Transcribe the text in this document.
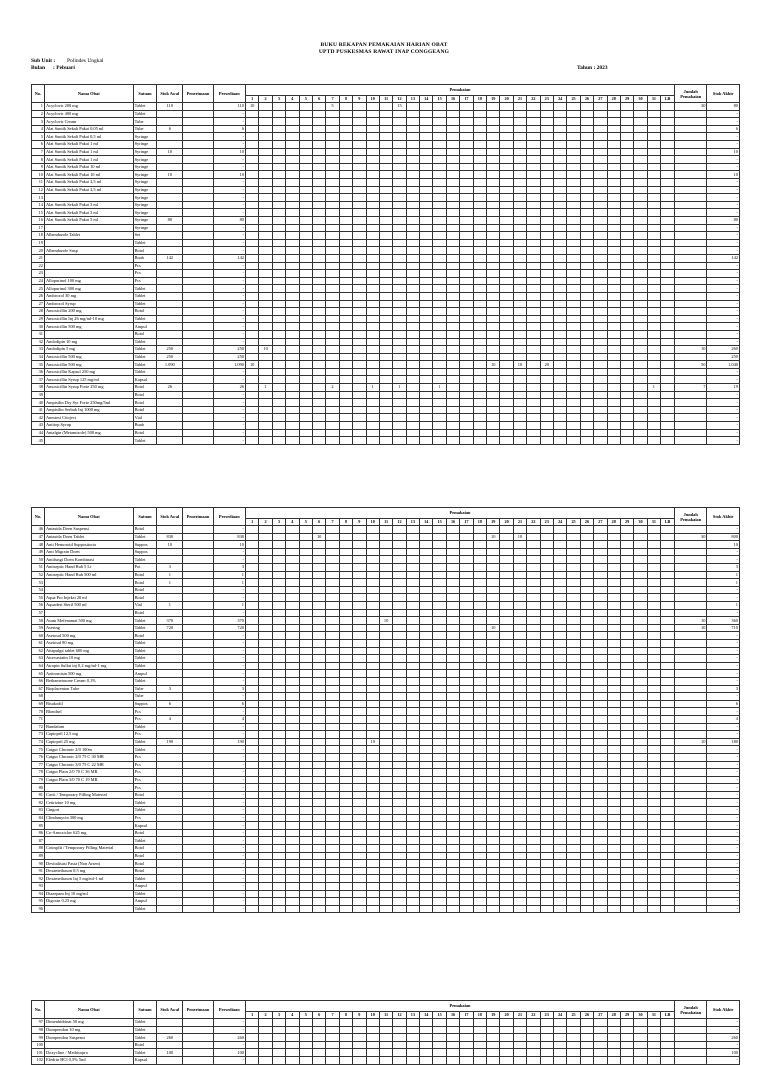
BUKU REKAPAN PEMAKAIAN HARIAN OBAT
UPTD PUSKESMAS RAWAT INAP CONGGEANG
Sub Unit : Polindes Ungkal
Bulan : Pebuari	Tahun : 2023
No.	Nama Obat	Satuan	Stok Awal	Penerimaan	Persediaan	Pemakaian																																Jumlah Pemakaian	Stok Akhir
						1	2	3	4	5	6	7	8	9	10	11	12	13	14	15	16	17	18	19	20	21	22	23	24	25	26	27	28	29	30	31	LB		
1	Acyclovir 200 mg	Tablet	110		110	10						5					15																					30	80
2	Acyclovir 400 mg	Tablet			-																																		-
3	Acyclovir Cream	Tube			-																																		-
4	Alat Suntik Sekali Pakai 0,05 ml	Tube	6		6																																		6
5	Alat Suntik Sekali Pakai 0,5 ml	Syringe			-																																		-
6	Alat Suntik Sekali Pakai 1 ml	Syringe			-																																		-
7	Alat Suntik Sekali Pakai 1 ml	Syringe	10		10																																		10
8	Alat Suntik Sekali Pakai 1 ml	Syringe			-																																		-
9	Alat Suntik Sekali Pakai 10 ml	Syringe			-																																		-
10	Alat Suntik Sekali Pakai 10 ml	Syringe	10		10																																		10
11	Alat Suntik Sekali Pakai 2,5 ml	Syringe			-																																		-
12	Alat Suntik Sekali Pakai 2,5 ml	Syringe			-																																		-
13		Syringe			-																																		-
14	Alat Suntik Sekali Pakai 3 ml	Syringe			-																																		-
15	Alat Suntik Sekali Pakai 3 ml	Syringe			-																																		-
16	Alat Suntik Sekali Pakai 5 ml	Syringe	80		80																																		80
17		Syringe			-																																		-
18	Albendazole Tablet	Set			-																																		-
19		Tablet			-																																		-
20	Albendazole Susp	Botol			-																																		-
21		Buah	142		142																																		142
22		Pcs			-																																		-
23		Pcs			-																																		-
24	Allopurinol 100 mg	Pcs			-																																		-
25	Allopurinol 300 mg	Tablet			-																																		-
26	Ambroxol 30 mg	Tablet			-																																		-
27	Ambroxol Syrup	Tablet			-																																		-
28	Amoxicillin 200 mg	Botol			-																																		-
29	Amoxicillin Inj 26 mg/ml-10 mg	Tablet			-																																		-
30	Amoxicillin 500 mg	Ampul			-																																		-
31		Botol			-																																		-
32	Amlodipin 10 mg	Tablet			-																																		-
33	Amlodipin 5 mg	Tablet	250		250		10																															10	260
34	Amoxicillin 500 mg	Tablet	250		250																																		250
35	Amoxicillin 500 mg	Tablet	1.090		1.090	10																		10		10		20										50	1.040
36	Amoxicillin Kapsul 250 mg	Tablet			-																																		-
37	Amoxicillin Syrup 125 mg/ml	Kapsul			-																																		-
38	Amoxicillin Syrup Forte 250 mg	Botol	26		26		1					2			1		1			1																1		7	19
39		Botol			-																																		-
40	Ampisilin Dry Syr Forte 250mg/5ml	Botol			-																																		-
41	Ampisilin Serbuk Inj 1000 mg	Botol			-																																		-
42	Anestesi Citoject	Vial			-																																		-
43	Antitop Syrup	Buah			-																																		-
44	Antalgin (Metamizole) 500 mg	Botol			-																																		-
45		Tablet			-																																		-
No.	Nama Obat	Satuan	Stok Awal	Penerimaan	Persediaan	Pemakaian																																Jumlah Pemakaian	Stok Akhir
						1	2	3	4	5	6	7	8	9	10	11	12	13	14	15	16	17	18	19	20	21	22	23	24	25	26	27	28	29	30	31	LB		
46	Antasida Doen Suspensi	Botol			-																																		-
47	Antasida Doen Tablet	Tablet	830		830						10													10		10												30	800
48	Anti Hemoroid Suppositoria	Suppos	10		10																																		10
49	Anti Migrain Doen	Suppos			-																																		-
50	Antifungi Doen Kombinasi	Tablet			-																																		-
51	Antiseptic Hand Rub 5 Lt	Pot	3		3																																		3
52	Antiseptic Hand Rub 500 ml	Botol	1		1																																		1
53		Botol	1		1																																		1
54		Botol			-																																		-
55	Aqua Pro Injeksi 20 ml	Botol			-																																		-
56	Aquadest Steril 500 ml	Vial	1		1																																		1
57		Botol			-																																		-
58	Asam Mefenamat 500 mg	Tablet	370		370											10																						10	360
59	Asering	Tablet	720		720																			10														10	710
60	Asetosal 500 mg	Botol			-																																		-
61	Asetosal 80 mg	Tablet			-																																		-
62	Attapulgit tablet 600 mg	Tablet			-																																		-
63	Atorvastatin 10 mg	Tablet			-																																		-
64	Atropin Sulfat inj 0,2 mg/ml-1 mg	Tablet			-																																		-
65	Azitromisin 500 mg	Ampul			-																																		-
66	Bethametasone Cream 0,1%	Tablet			-																																		-
67	Bioplacenton Tube	Tube	3		3																																		3
68		Tube			-																																		-
69	Bisakodil	Suppos	6		6																																		6
70	Blondsel	Pcs			-																																		-
71		Pcs	4		4																																		4
72	Bundalum	Tablet			-																																		-
73	Captopril 12,5 mg	Pcs			-																																		-
74	Captopril 25 mg	Tablet	190		190										10																							10	180
75	Catgut Chromic 2/0 100m	Tablet			-																																		-
76	Catgut Chromic 2/0 75 C 30 MR	Pcs			-																																		-
77	Catgut Chromic 3/0 75 C 22 MR	Pcs			-																																		-
78	Catgut Plain 2/0 70 C 36 MR	Pcs			-																																		-
79	Catgut Plain 3/0 70 C 19 MR	Pcs			-																																		-
80		Pcs			-																																		-
81	Cavit / Temporary Filling Material	Botol			-																																		-
82	Cetirizine 10 mg	Tablet			-																																		-
83	Cingori	Tablet			-																																		-
84	Clindamycin 300 mg	Pcs			-																																		-
85		Kapsul			-																																		-
86	Co-Amoxiclav 625 mg	Botol			-																																		-
87		Tablet			-																																		-
88	Cotosplit / Temporary Filling Material	Botol			-																																		-
89		Botol			-																																		-
90	Devitalisasi Pasta (Non Arsen)	Botol			-																																		-
91	Dexamethason 0,5 mg	Botol			-																																		-
92	Dexamethason Inj 5 mg/ml-1 ml	Tablet			-																																		-
93		Ampul			-																																		-
94	Diazepam Inj 10 mg/ml	Tablet			-																																		-
95	Digoxin 0,25 mg	Ampul			-																																		-
96		Tablet			-																																		-
No.	Nama Obat	Satuan	Stok Awal	Penerimaan	Persediaan	Pemakaian																																Jumlah Pemakaian	Stok Akhir
						1	2	3	4	5	6	7	8	9	10	11	12	13	14	15	16	17	18	19	20	21	22	23	24	25	26	27	28	29	30	31	LB		
97	Dimenhidrinat 50 mg	Tablet			-																																		-
98	Domperidon 10 mg	Tablet			-																																		-
99	Domperidon Suspensi	Tablet	260		260																																		260
100		Botol			-																																		-
101	Doxycline / Methisopra	Tablet	100		100																																		100
102	Efedrin HCl 0,5% 5ml	Kapsul			-																																		-
